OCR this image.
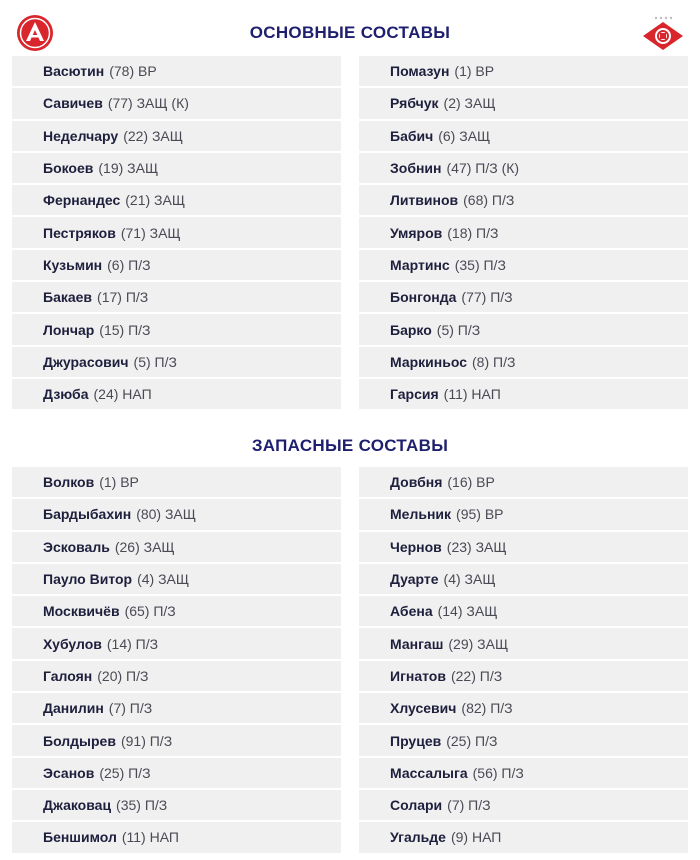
ОСНОВНЫЕ СОСТАВЫ
Васютин (78) ВР
Савичев (77) ЗАЩ (К)
Неделчару (22) ЗАЩ
Бокоев (19) ЗАЩ
Фернандес (21) ЗАЩ
Пестряков (71) ЗАЩ
Кузьмин (6) П/З
Бакаев (17) П/З
Лончар (15) П/З
Джурасович (5) П/З
Дзюба (24) НАП
Помазун (1) ВР
Рябчук (2) ЗАЩ
Бабич (6) ЗАЩ
Зобнин (47) П/З (К)
Литвинов (68) П/З
Умяров (18) П/З
Мартинс (35) П/З
Бонгонда (77) П/З
Барко (5) П/З
Маркиньос (8) П/З
Гарсия (11) НАП
ЗАПАСНЫЕ СОСТАВЫ
Волков (1) ВР
Бардыбахин (80) ЗАЩ
Эсковаль (26) ЗАЩ
Пауло Витор (4) ЗАЩ
Москвичёв (65) П/З
Хубулов (14) П/З
Галоян (20) П/З
Данилин (7) П/З
Болдырев (91) П/З
Эсанов (25) П/З
Джаковац (35) П/З
Беншимол (11) НАП
Довбня (16) ВР
Мельник (95) ВР
Чернов (23) ЗАЩ
Дуарте (4) ЗАЩ
Абена (14) ЗАЩ
Мангаш (29) ЗАЩ
Игнатов (22) П/З
Хлусевич (82) П/З
Пруцев (25) П/З
Массалыга (56) П/З
Солари (7) П/З
Угальде (9) НАП
